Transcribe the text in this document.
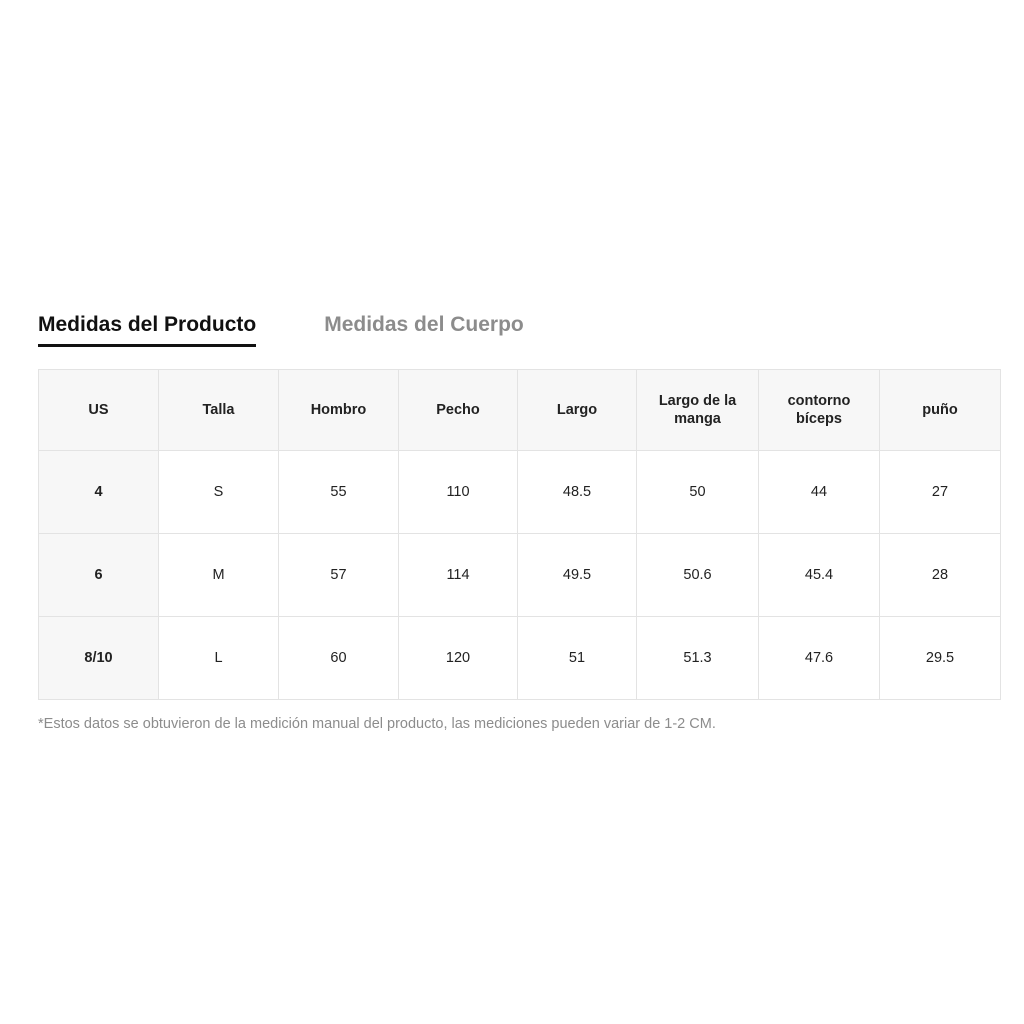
Medidas del Producto	Medidas del Cuerpo
US	Talla	Hombro	Pecho	Largo	Largo de la manga	contorno bíceps	puño
4	S	55	110	48.5	50	44	27
6	M	57	114	49.5	50.6	45.4	28
8/10	L	60	120	51	51.3	47.6	29.5
*Estos datos se obtuvieron de la medición manual del producto, las mediciones pueden variar de 1-2 CM.
